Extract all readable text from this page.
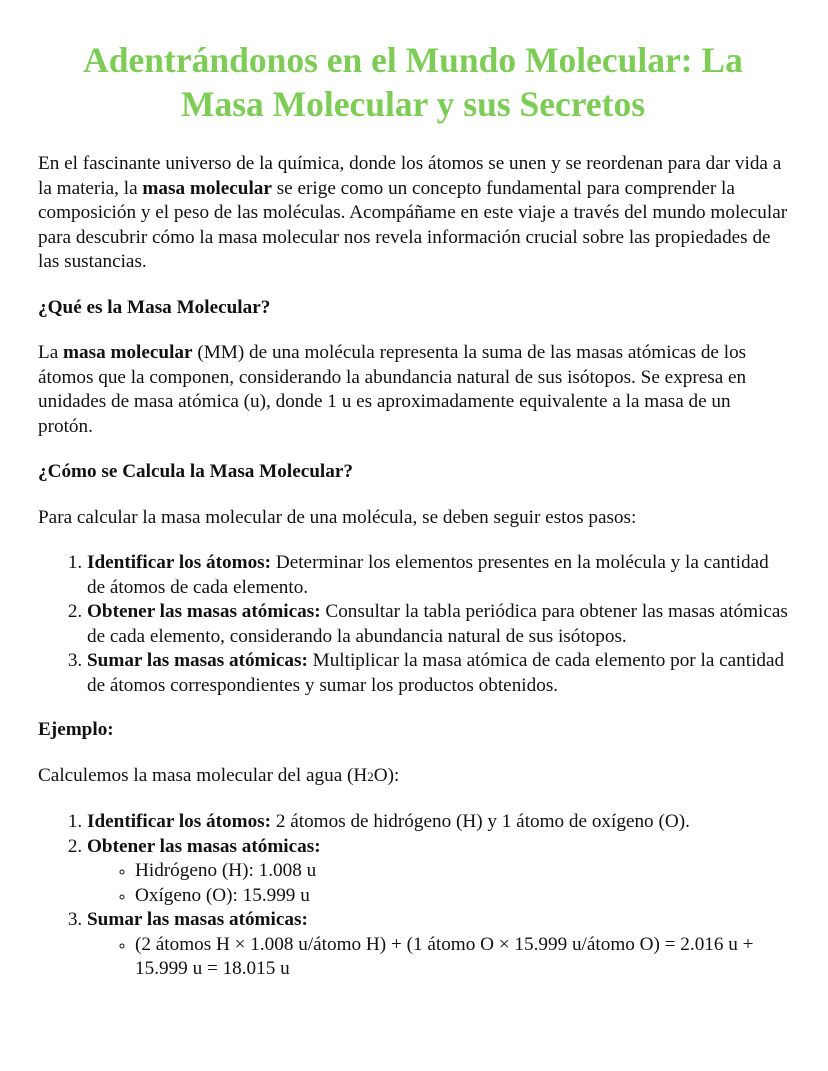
Adentrándonos en el Mundo Molecular: La Masa Molecular y sus Secretos

En el fascinante universo de la química, donde los átomos se unen y se reordenan para dar vida a la materia, la masa molecular se erige como un concepto fundamental para comprender la composición y el peso de las moléculas. Acompáñame en este viaje a través del mundo molecular para descubrir cómo la masa molecular nos revela información crucial sobre las propiedades de las sustancias.

¿Qué es la Masa Molecular?

La masa molecular (MM) de una molécula representa la suma de las masas atómicas de los átomos que la componen, considerando la abundancia natural de sus isótopos. Se expresa en unidades de masa atómica (u), donde 1 u es aproximadamente equivalente a la masa de un protón.

¿Cómo se Calcula la Masa Molecular?

Para calcular la masa molecular de una molécula, se deben seguir estos pasos:

1. Identificar los átomos: Determinar los elementos presentes en la molécula y la cantidad de átomos de cada elemento.
2. Obtener las masas atómicas: Consultar la tabla periódica para obtener las masas atómicas de cada elemento, considerando la abundancia natural de sus isótopos.
3. Sumar las masas atómicas: Multiplicar la masa atómica de cada elemento por la cantidad de átomos correspondientes y sumar los productos obtenidos.
Ejemplo:

Calculemos la masa molecular del agua (H2O):

1. Identificar los átomos: 2 átomos de hidrógeno (H) y 1 átomo de oxígeno (O).
2. Obtener las masas atómicas:
◦ Hidrógeno (H): 1.008 u
◦ Oxígeno (O): 15.999 u
3. Sumar las masas atómicas:
◦ (2 átomos H × 1.008 u/átomo H) + (1 átomo O × 15.999 u/átomo O) = 2.016 u + 15.999 u = 18.015 u
